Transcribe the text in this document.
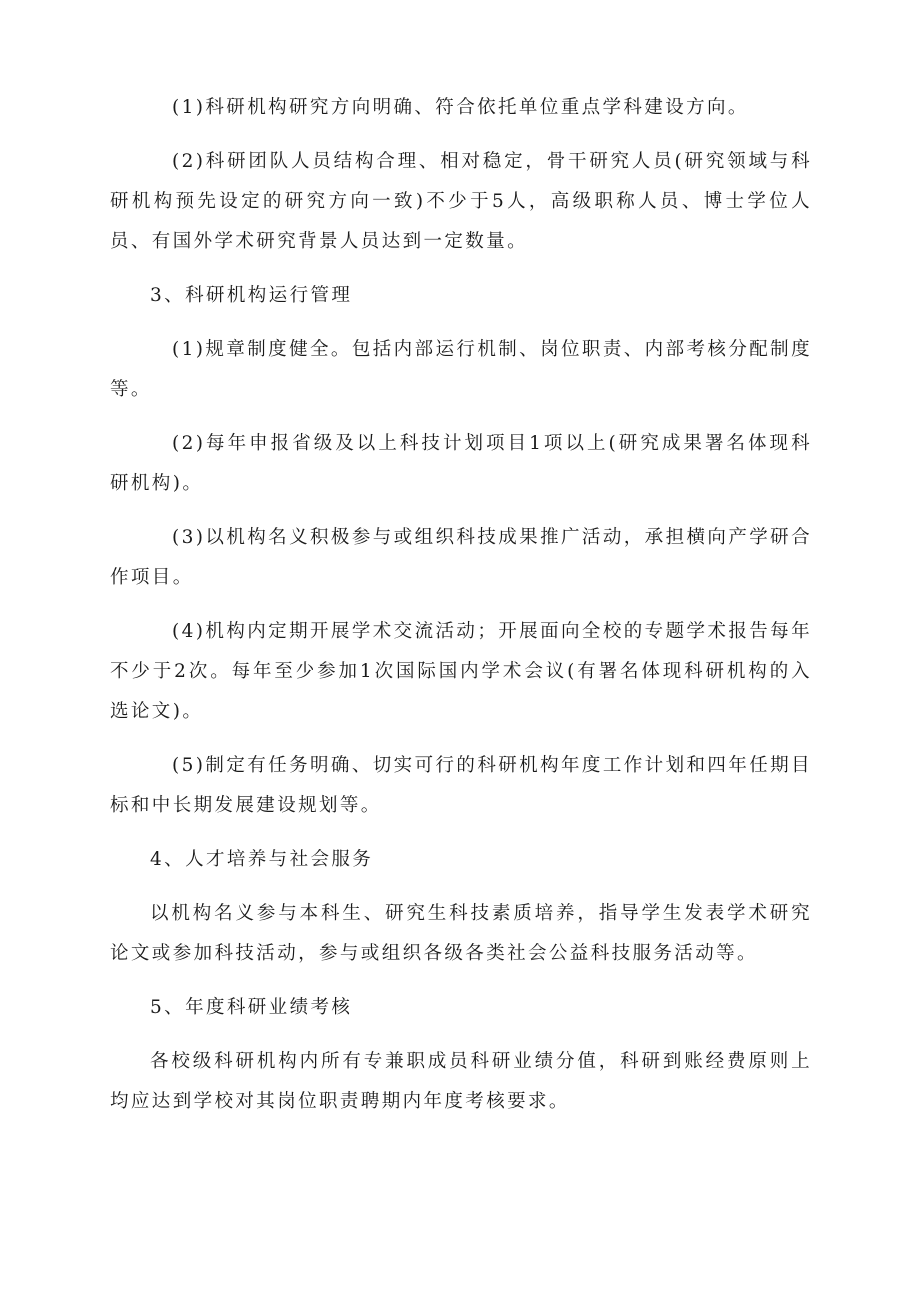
(1)科研机构研究方向明确、符合依托单位重点学科建设方向。

(2)科研团队人员结构合理、相对稳定，骨干研究人员(研究领域与科研机构预先设定的研究方向一致)不少于5人，高级职称人员、博士学位人员、有国外学术研究背景人员达到一定数量。

3、科研机构运行管理

(1)规章制度健全。包括内部运行机制、岗位职责、内部考核分配制度等。

(2)每年申报省级及以上科技计划项目1项以上(研究成果署名体现科研机构)。

(3)以机构名义积极参与或组织科技成果推广活动，承担横向产学研合作项目。

(4)机构内定期开展学术交流活动；开展面向全校的专题学术报告每年不少于2次。每年至少参加1次国际国内学术会议(有署名体现科研机构的入选论文)。

(5)制定有任务明确、切实可行的科研机构年度工作计划和四年任期目标和中长期发展建设规划等。

4、人才培养与社会服务

以机构名义参与本科生、研究生科技素质培养，指导学生发表学术研究论文或参加科技活动，参与或组织各级各类社会公益科技服务活动等。

5、年度科研业绩考核

各校级科研机构内所有专兼职成员科研业绩分值，科研到账经费原则上均应达到学校对其岗位职责聘期内年度考核要求。
